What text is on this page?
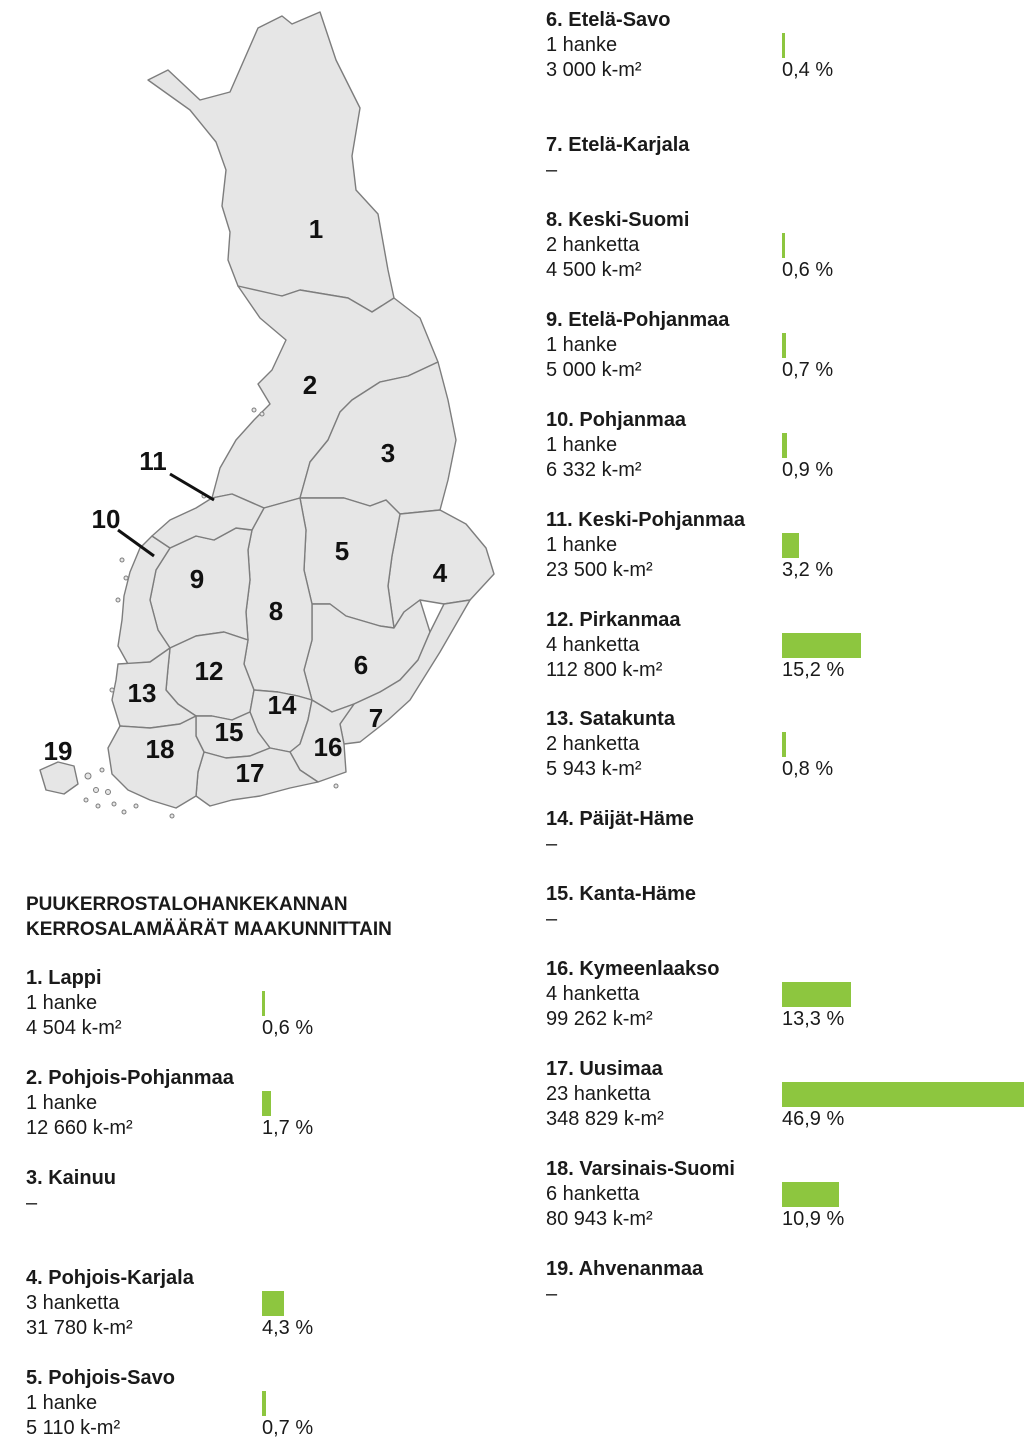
1
2
3
4
5
6
7
8
9
10
11
12
13	14
15	16
17
18
19
PUUKERROSTALOHANKEKANNAN
KERROSALAMÄÄRÄT MAAKUNNITTAIN
1. Lappi
1 hanke
4 504 k-m²	0,6 %
2. Pohjois-Pohjanmaa
1 hanke
12 660 k-m²	1,7 %
3. Kainuu
–
4. Pohjois-Karjala
3 hanketta
31 780 k-m²	4,3 %
5. Pohjois-Savo
1 hanke
5 110 k-m²	0,7 %
6. Etelä-Savo
1 hanke
3 000 k-m²	0,4 %
7. Etelä-Karjala
–
8. Keski-Suomi
2 hanketta
4 500 k-m²	0,6 %
9. Etelä-Pohjanmaa
1 hanke
5 000 k-m²	0,7 %
10. Pohjanmaa
1 hanke
6 332 k-m²	0,9 %
11. Keski-Pohjanmaa
1 hanke
23 500 k-m²	3,2 %
12. Pirkanmaa
4 hanketta
112 800 k-m²	15,2 %
13. Satakunta
2 hanketta
5 943 k-m²	0,8 %
14. Päijät-Häme
–
15. Kanta-Häme
–
16. Kymeenlaakso
4 hanketta
99 262 k-m²	13,3 %
17. Uusimaa
23 hanketta
348 829 k-m²	46,9 %
18. Varsinais-Suomi
6 hanketta
80 943 k-m²	10,9 %
19. Ahvenanmaa
–
